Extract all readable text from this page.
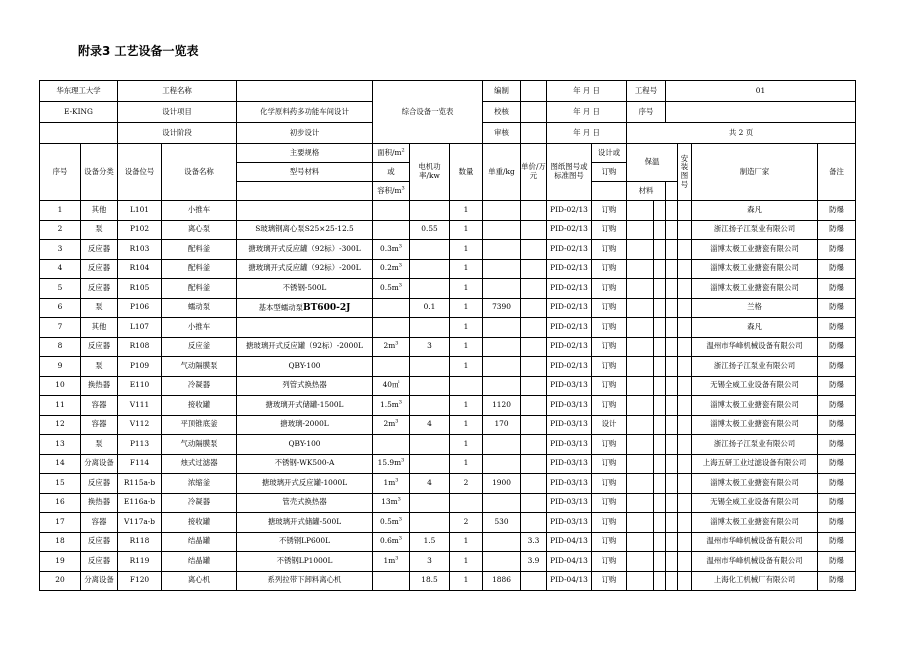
附录3 工艺设备一览表
华东理工大学		工程名称			综合设备一览表			编制		年 月 日		工程号		01			
E-KING		设计项目		化学原料药多功能车间设计				校核		年 月 日		序号					
		设计阶段		初步设计				审核		年 月 日		共 2 页					
序号	设备分类	设备位号	设备名称	主要规格	面积$/m^2$	电机功率/kw	数量	单重/kg	单价/万元	图纸图号或标准图号	设计或	保温			安装图号	制造厂家	备注
				型号材料	或						订购						
					容积$/m^3$							材料					
1	其他	L101	小推车				1			PID-02/13	订购					森凡	防爆
2	泵	P102	离心泵	S玻璃钢离心泵S25×25-12.5		0.55	1			PID-02/13	订购					浙江扬子江泵业有限公司	防爆
3	反应器	R103	配料釜	搪玻璃开式反应罐（92标）-300L	$0.3m^3$		1			PID-02/13	订购					淄博太极工业搪瓷有限公司	防爆
4	反应器	R104	配料釜	搪玻璃开式反应罐（92标）-200L	$0.2m^3$		1			PID-02/13	订购					淄博太极工业搪瓷有限公司	防爆
5	反应器	R105	配料釜	不锈钢-500L	$0.5m^3$		1			PID-02/13	订购					淄博太极工业搪瓷有限公司	防爆
6	泵	P106	蠕动泵	基本型蠕动泵BT600-2J		0.1	1	7390		PID-02/13	订购					兰格	防爆
7	其他	L107	小推车				1			PID-02/13	订购					森凡	防爆
8	反应器	R108	反应釜	搪玻璃开式反应罐（92标）-2000L	$2m^3$	3	1			PID-02/13	订购					温州市华峰机械设备有限公司	防爆
9	泵	P109	气动隔膜泵	QBY-100			1			PID-02/13	订购					浙江扬子江泵业有限公司	防爆
10	换热器	E110	冷凝器	列管式换热器	40㎡					PID-03/13	订购					无锡全威工业设备有限公司	防爆
11	容器	V111	接收罐	搪玻璃开式储罐-1500L	$1.5m^3$		1	1120		PID-03/13	订购					淄博太极工业搪瓷有限公司	防爆
12	容器	V112	平顶锥底釜	搪玻璃-2000L	$2m^3$	4	1	170		PID-03/13	设计					淄博太极工业搪瓷有限公司	防爆
13	泵	P113	气动隔膜泵	QBY-100			1			PID-03/13	订购					浙江扬子江泵业有限公司	防爆
14	分离设备	F114	烛式过滤器	不锈钢-WK500-A	$15.9m^3$		1			PID-03/13	订购					上海五研工业过滤设备有限公司	防爆
15	反应器	R115a-b	浓缩釜	搪玻璃开式反应罐-1000L	$1m^3$	4	2	1900		PID-03/13	订购					淄博太极工业搪瓷有限公司	防爆
16	换热器	E116a-b	冷凝器	管壳式换热器	$13m^3$					PID-03/13	订购					无锡全威工业设备有限公司	防爆
17	容器	V117a-b	接收罐	搪玻璃开式储罐-500L	$0.5m^3$		2	530		PID-03/13	订购					淄博太极工业搪瓷有限公司	防爆
18	反应器	R118	结晶罐	不锈钢LP600L	$0.6m^3$	1.5	1		3.3	PID-04/13	订购					温州市华峰机械设备有限公司	防爆
19	反应器	R119	结晶罐	不锈钢LP1000L	$1m^3$	3	1		3.9	PID-04/13	订购					温州市华峰机械设备有限公司	防爆
20	分离设备	F120	离心机	系列拉带下卸料离心机		18.5	1	1886		PID-04/13	订购					上海化工机械厂有限公司	防爆
